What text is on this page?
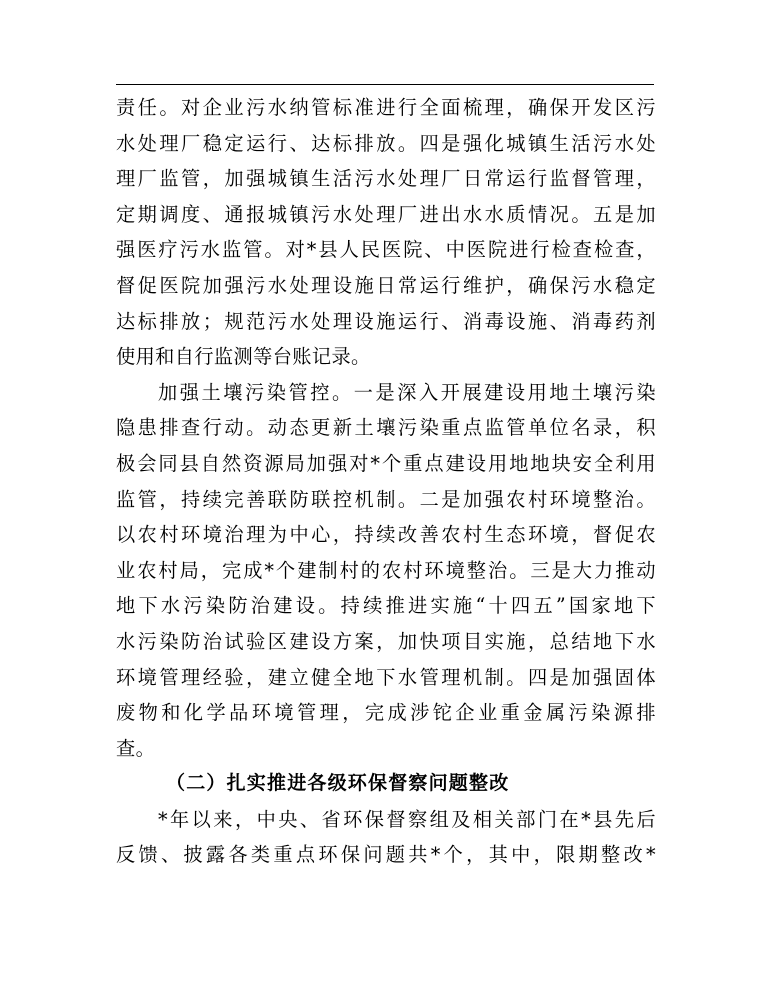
责任。对企业污水纳管标准进行全面梳理，确保开发区污
水处理厂稳定运行、达标排放。四是强化城镇生活污水处
理厂监管，加强城镇生活污水处理厂日常运行监督管理，
定期调度、通报城镇污水处理厂进出水水质情况。五是加
强医疗污水监管。对*县人民医院、中医院进行检查检查，
督促医院加强污水处理设施日常运行维护，确保污水稳定
达标排放；规范污水处理设施运行、消毒设施、消毒药剂
使用和自行监测等台账记录。
加强土壤污染管控。一是深入开展建设用地土壤污染
隐患排查行动。动态更新土壤污染重点监管单位名录，积
极会同县自然资源局加强对*个重点建设用地地块安全利用
监管，持续完善联防联控机制。二是加强农村环境整治。
以农村环境治理为中心，持续改善农村生态环境，督促农
业农村局，完成*个建制村的农村环境整治。三是大力推动
地下水污染防治建设。持续推进实施“十四五”国家地下
水污染防治试验区建设方案，加快项目实施，总结地下水
环境管理经验，建立健全地下水管理机制。四是加强固体
废物和化学品环境管理，完成涉铊企业重金属污染源排
查。
（二）扎实推进各级环保督察问题整改
*年以来，中央、省环保督察组及相关部门在*县先后
反馈、披露各类重点环保问题共*个，其中，限期整改*
